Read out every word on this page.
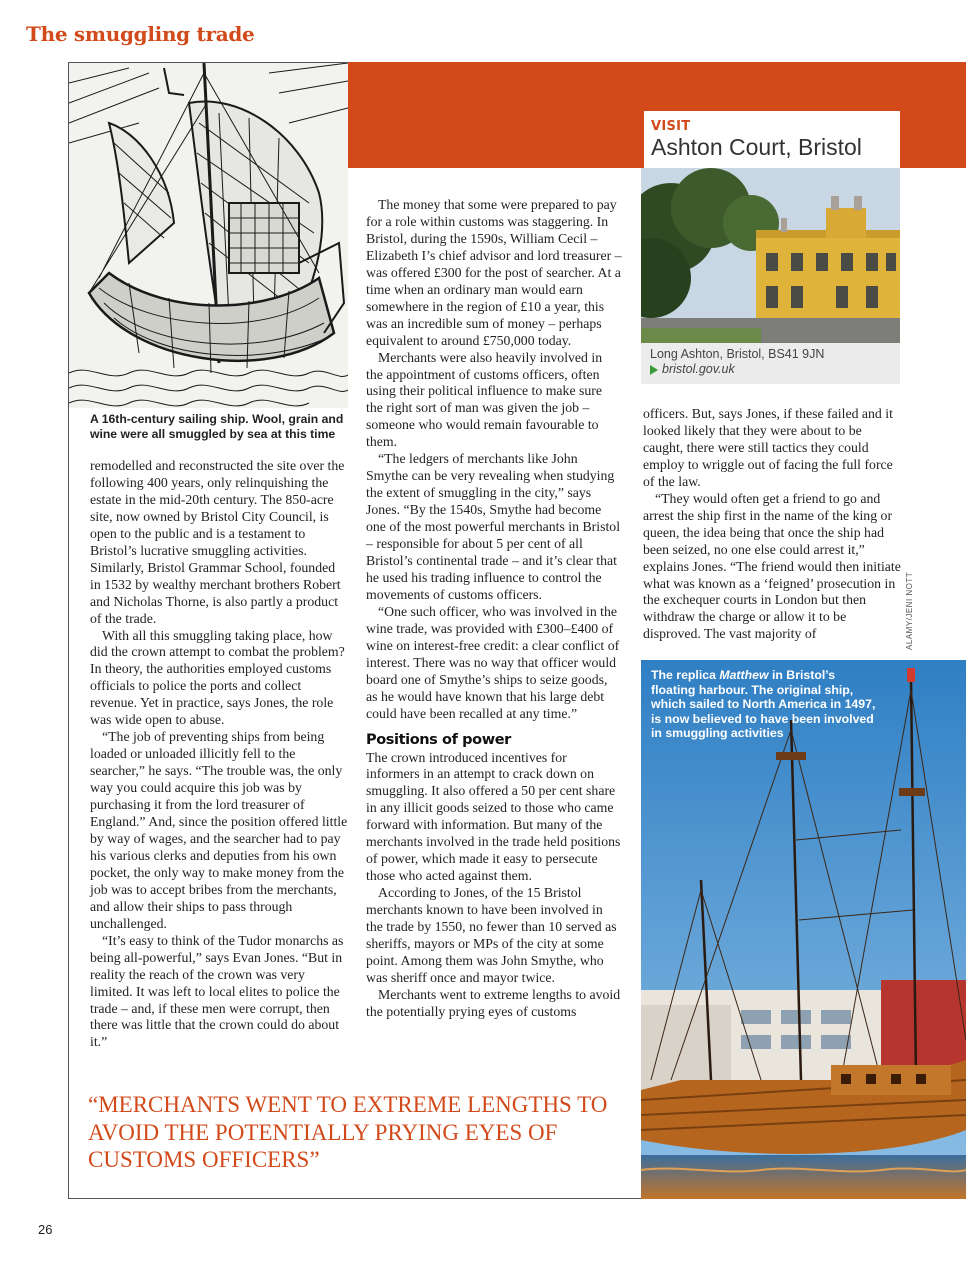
The smuggling trade
A 16th-century sailing ship. Wool, grain and wine were all smuggled by sea at this time
VISIT
Ashton Court, Bristol
Long Ashton, Bristol, BS41 9JN
bristol.gov.uk

remodelled and reconstructed the site over the following 400 years, only relinquishing the estate in the mid-20th century. The 850-acre site, now owned by Bristol City Council, is open to the public and is a testament to Bristol’s lucrative smuggling activities. Similarly, Bristol Grammar School, founded in 1532 by wealthy merchant brothers Robert and Nicholas Thorne, is also partly a product of the trade.

With all this smuggling taking place, how did the crown attempt to combat the problem? In theory, the authorities employed customs officials to police the ports and collect revenue. Yet in practice, says Jones, the role was wide open to abuse.

“The job of preventing ships from being loaded or unloaded illicitly fell to the searcher,” he says. “The trouble was, the only way you could acquire this job was by purchasing it from the lord treasurer of England.” And, since the position offered little by way of wages, and the searcher had to pay his various clerks and deputies from his own pocket, the only way to make money from the job was to accept bribes from the merchants, and allow their ships to pass through unchallenged.

“It’s easy to think of the Tudor monarchs as being all-powerful,” says Evan Jones. “But in reality the reach of the crown was very limited. It was left to local elites to police the trade – and, if these men were corrupt, then there was little that the crown could do about it.”

The money that some were prepared to pay for a role within customs was staggering. In Bristol, during the 1590s, William Cecil – Elizabeth I’s chief advisor and lord treasurer – was offered £300 for the post of searcher. At a time when an ordinary man would earn somewhere in the region of £10 a year, this was an incredible sum of money – perhaps equivalent to around £750,000 today.

Merchants were also heavily involved in the appointment of customs officers, often using their political influence to make sure the right sort of man was given the job – someone who would remain favourable to them.

“The ledgers of merchants like John Smythe can be very revealing when studying the extent of smuggling in the city,” says Jones. “By the 1540s, Smythe had become one of the most powerful merchants in Bristol – responsible for about 5 per cent of all Bristol’s continental trade – and it’s clear that he used his trading influence to control the movements of customs officers.

“One such officer, who was involved in the wine trade, was provided with £300–£400 of wine on interest-free credit: a clear conflict of interest. There was no way that officer would board one of Smythe’s ships to seize goods, as he would have known that his large debt could have been recalled at any time.”

Positions of power

The crown introduced incentives for informers in an attempt to crack down on smuggling. It also offered a 50 per cent share in any illicit goods seized to those who came forward with information. But many of the merchants involved in the trade held positions of power, which made it easy to persecute those who acted against them.

According to Jones, of the 15 Bristol merchants known to have been involved in the trade by 1550, no fewer than 10 served as sheriffs, mayors or MPs of the city at some point. Among them was John Smythe, who was sheriff once and mayor twice.

Merchants went to extreme lengths to avoid the potentially prying eyes of customs

officers. But, says Jones, if these failed and it looked likely that they were about to be caught, there were still tactics they could employ to wriggle out of facing the full force of the law.

“They would often get a friend to go and arrest the ship first in the name of the king or queen, the idea being that once the ship had been seized, no one else could arrest it,” explains Jones. “The friend would then initiate what was known as a ‘feigned’ prosecution in the exchequer courts in London but then withdraw the charge or allow it to be disproved. The vast majority of	ALAMY/JENI NOTT
The replica Matthew in Bristol’s floating harbour. The original ship, which sailed to North America in 1497, is now believed to have been involved in smuggling activities
“MERCHANTS WENT TO EXTREME LENGTHS TO AVOID THE POTENTIALLY PRYING EYES OF CUSTOMS OFFICERS”
26
